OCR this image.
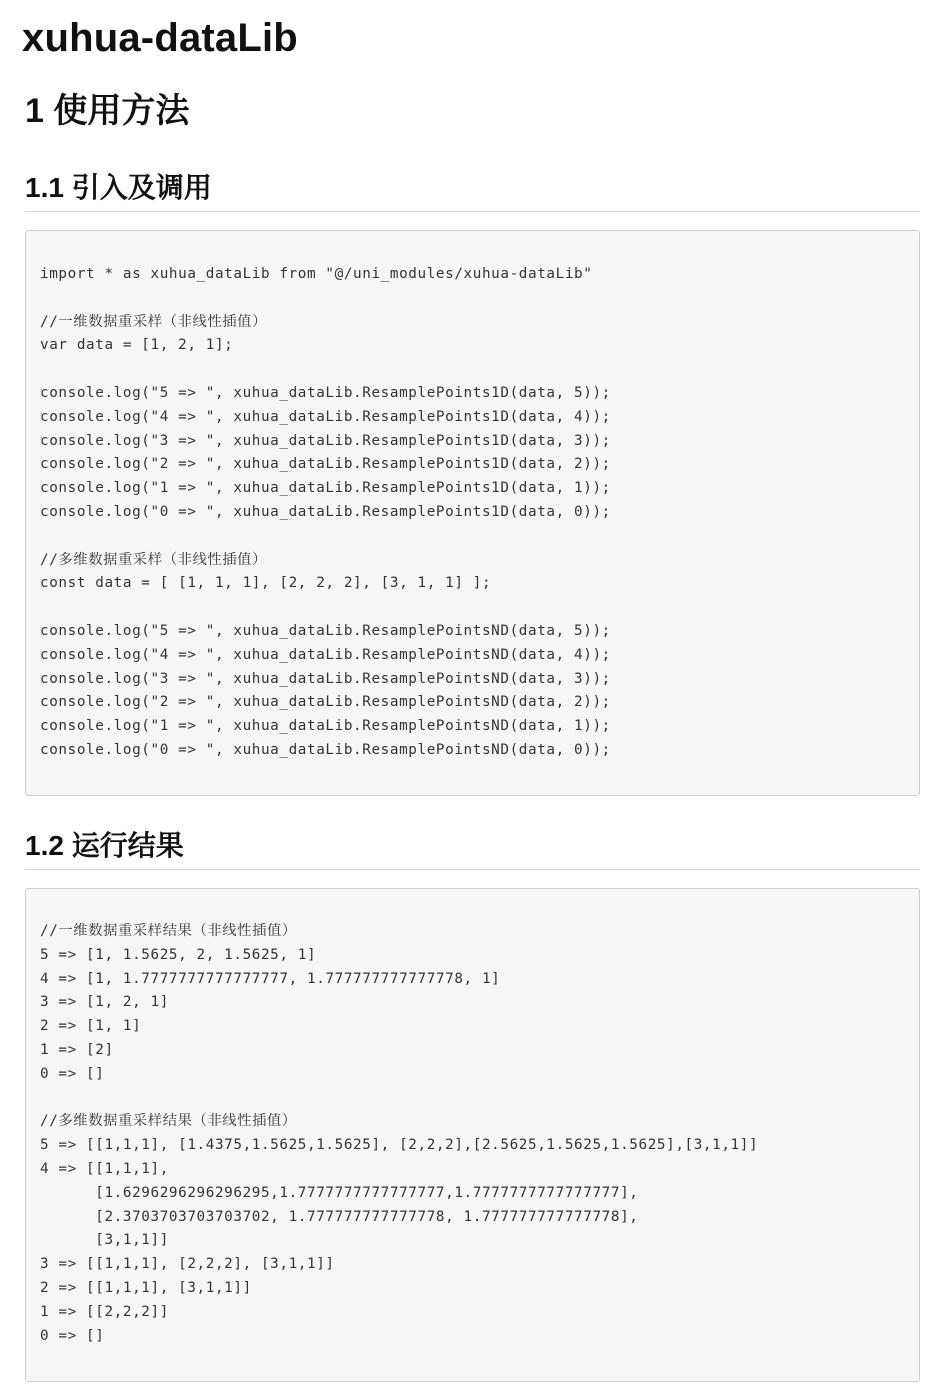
xuhua-dataLib
1 使用方法
1.1 引入及调用
import * as xuhua_dataLib from "@/uni_modules/xuhua-dataLib"
//一维数据重采样（非线性插值）
var data = [1, 2, 1];
console.log("5 => ", xuhua_dataLib.ResamplePoints1D(data, 5));
console.log("4 => ", xuhua_dataLib.ResamplePoints1D(data, 4));
console.log("3 => ", xuhua_dataLib.ResamplePoints1D(data, 3));
console.log("2 => ", xuhua_dataLib.ResamplePoints1D(data, 2));
console.log("1 => ", xuhua_dataLib.ResamplePoints1D(data, 1));
console.log("0 => ", xuhua_dataLib.ResamplePoints1D(data, 0));
//多维数据重采样（非线性插值）
const data = [ [1, 1, 1], [2, 2, 2], [3, 1, 1] ];
console.log("5 => ", xuhua_dataLib.ResamplePointsND(data, 5));
console.log("4 => ", xuhua_dataLib.ResamplePointsND(data, 4));
console.log("3 => ", xuhua_dataLib.ResamplePointsND(data, 3));
console.log("2 => ", xuhua_dataLib.ResamplePointsND(data, 2));
console.log("1 => ", xuhua_dataLib.ResamplePointsND(data, 1));
console.log("0 => ", xuhua_dataLib.ResamplePointsND(data, 0));
1.2 运行结果
//一维数据重采样结果（非线性插值）
5 => [1, 1.5625, 2, 1.5625, 1]
4 => [1, 1.7777777777777777, 1.777777777777778, 1]
3 => [1, 2, 1]
2 => [1, 1]
1 => [2]
0 => []
//多维数据重采样结果（非线性插值）
5 => [[1,1,1], [1.4375,1.5625,1.5625], [2,2,2],[2.5625,1.5625,1.5625],[3,1,1]]
4 => [[1,1,1],
[1.6296296296296295,1.7777777777777777,1.7777777777777777],
[2.3703703703703702, 1.777777777777778, 1.777777777777778],
[3,1,1]]
3 => [[1,1,1], [2,2,2], [3,1,1]]
2 => [[1,1,1], [3,1,1]]
1 => [[2,2,2]]
0 => []
